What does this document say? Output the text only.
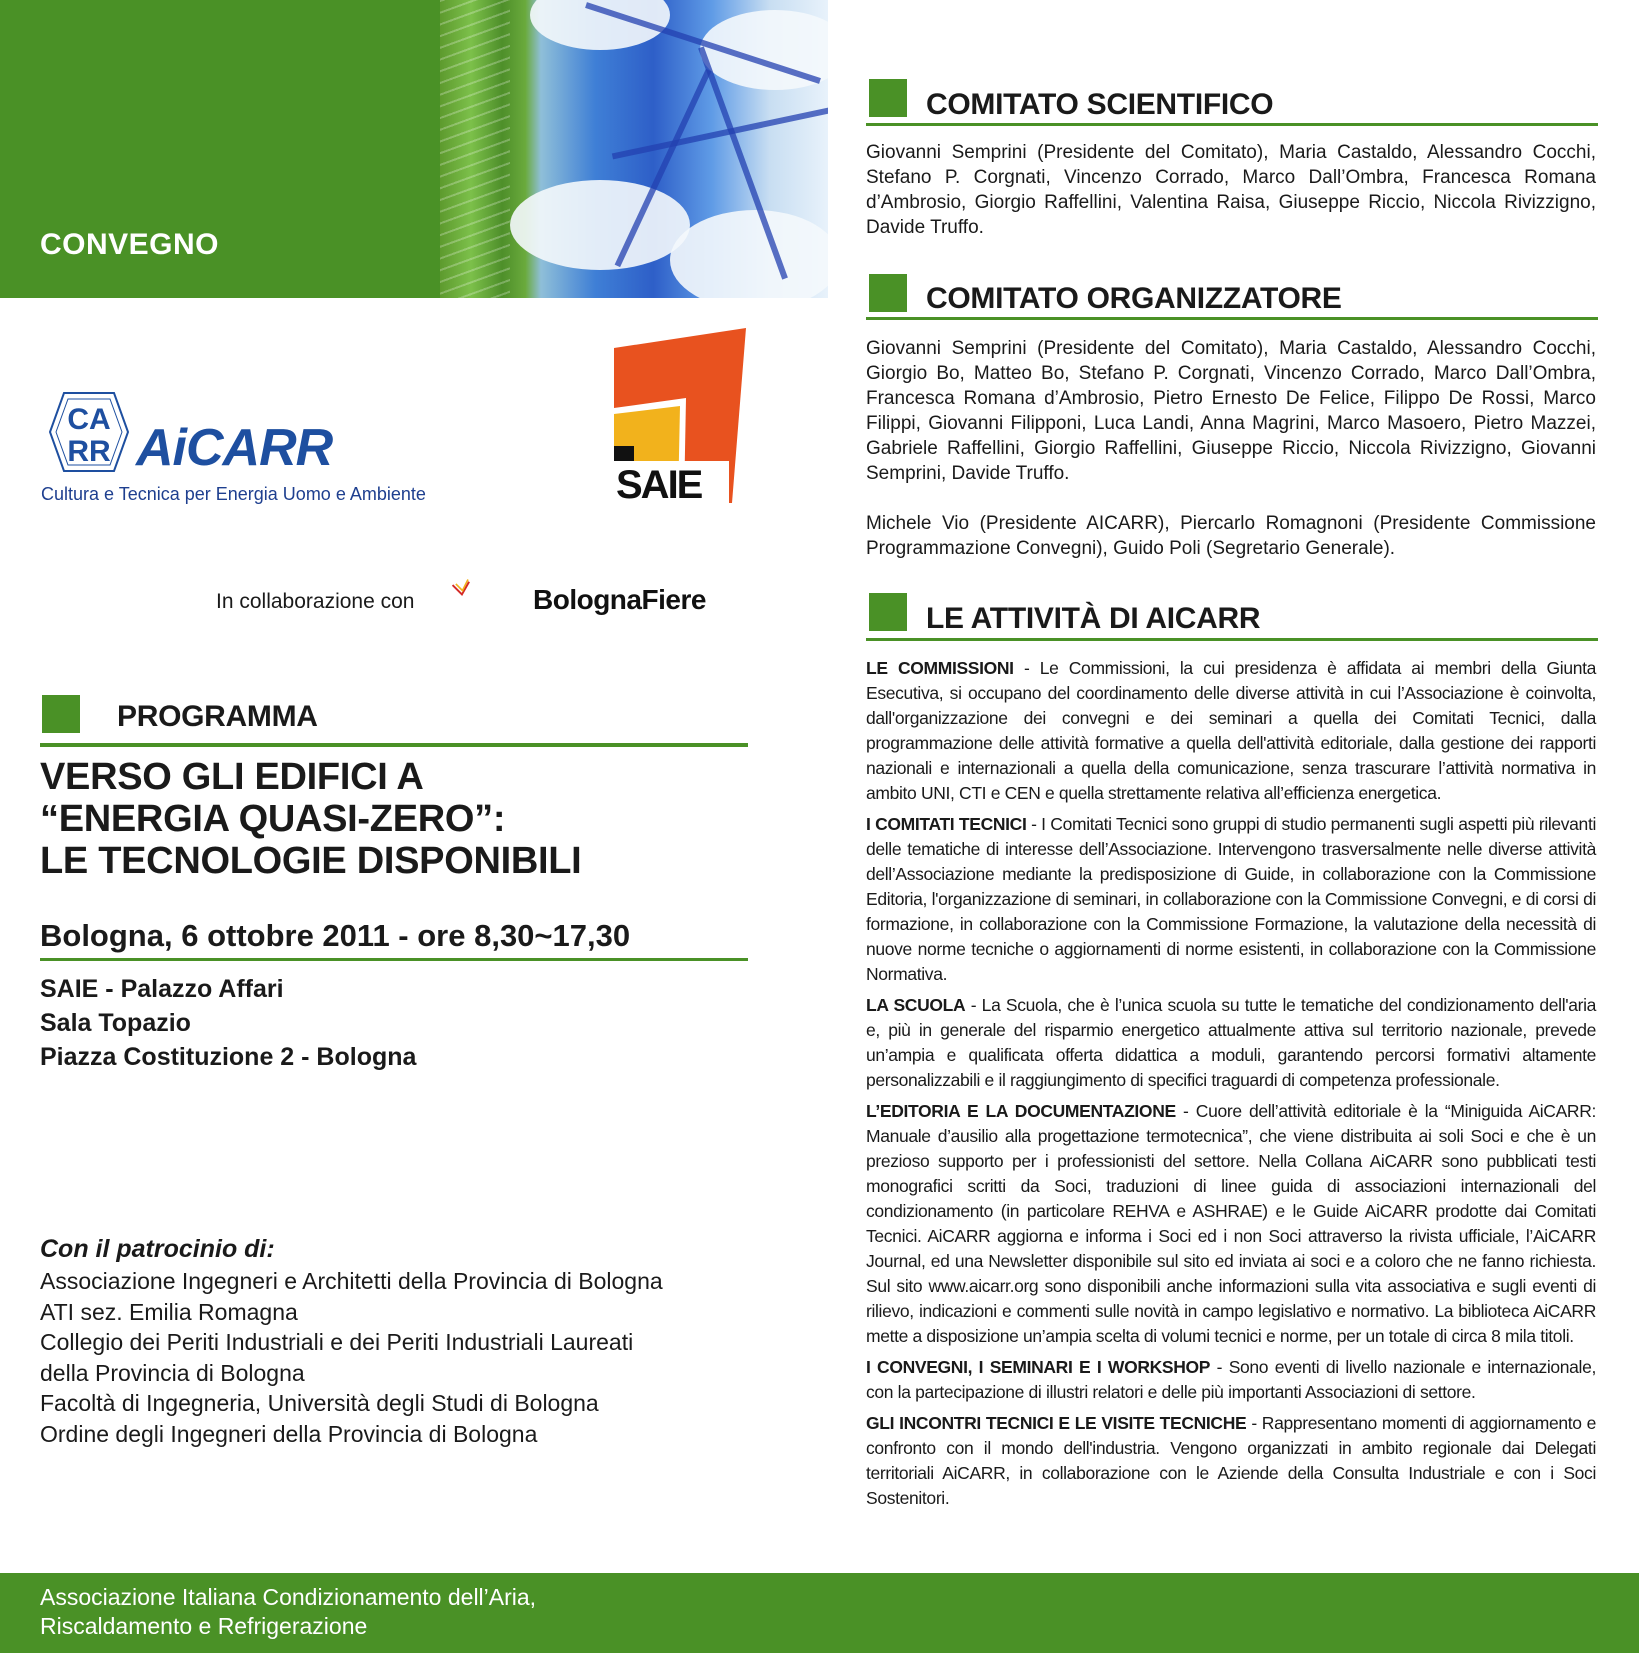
CONVEGNO
CA
RR AiCARR
Cultura e Tecnica per Energia Uomo e Ambiente	SAIE
In collaborazione con	BolognaFiere
PROGRAMMA
VERSO GLI EDIFICI A
“ENERGIA QUASI-ZERO”:
LE TECNOLOGIE DISPONIBILI
Bologna, 6 ottobre 2011 - ore 8,30~17,30
SAIE - Palazzo Affari
Sala Topazio
Piazza Costituzione 2 - Bologna
Con il patrocinio di:
Associazione Ingegneri e Architetti della Provincia di Bologna
ATI sez. Emilia Romagna
Collegio dei Periti Industriali e dei Periti Industriali Laureati
della Provincia di Bologna
Facoltà di Ingegneria, Università degli Studi di Bologna
Ordine degli Ingegneri della Provincia di Bologna
COMITATO SCIENTIFICO
Giovanni Semprini (Presidente del Comitato), Maria Castaldo, Alessandro Cocchi, Stefano P. Corgnati, Vincenzo Corrado, Marco Dall’Ombra, Francesca Romana d’Ambrosio, Giorgio Raffellini, Valentina Raisa, Giuseppe Riccio, Niccola Rivizzigno, Davide Truffo.
COMITATO ORGANIZZATORE
Giovanni Semprini (Presidente del Comitato), Maria Castaldo, Alessandro Cocchi, Giorgio Bo, Matteo Bo, Stefano P. Corgnati, Vincenzo Corrado, Marco Dall’Ombra, Francesca Romana d’Ambrosio, Pietro Ernesto De Felice, Filippo De Rossi, Marco Filippi, Giovanni Filipponi, Luca Landi, Anna Magrini, Marco Masoero, Pietro Mazzei, Gabriele Raffellini, Giorgio Raffellini, Giuseppe Riccio, Niccola Rivizzigno, Giovanni Semprini, Davide Truffo.
Michele Vio (Presidente AICARR), Piercarlo Romagnoni (Presidente Commissione Programmazione Convegni), Guido Poli (Segretario Generale).
LE ATTIVITÀ DI AICARR

LE COMMISSIONI - Le Commissioni, la cui presidenza è affidata ai membri della Giunta Esecutiva, si occupano del coordinamento delle diverse attività in cui l’Associazione è coinvolta, dall'organizzazione dei convegni e dei seminari a quella dei Comitati Tecnici, dalla programmazione delle attività formative a quella dell'attività editoriale, dalla gestione dei rapporti nazionali e internazionali a quella della comunicazione, senza trascurare l’attività normativa in ambito UNI, CTI e CEN e quella strettamente relativa all’efficienza energetica.

I COMITATI TECNICI - I Comitati Tecnici sono gruppi di studio permanenti sugli aspetti più rilevanti delle tematiche di interesse dell’Associazione. Intervengono trasversalmente nelle diverse attività dell’Associazione mediante la predisposizione di Guide, in collaborazione con la Commissione Editoria, l'organizzazione di seminari, in collaborazione con la Commissione Convegni, e di corsi di formazione, in collaborazione con la Commissione Formazione, la valutazione della necessità di nuove norme tecniche o aggiornamenti di norme esistenti, in collaborazione con la Commissione Normativa.

LA SCUOLA - La Scuola, che è l’unica scuola su tutte le tematiche del condizionamento dell'aria e, più in generale del risparmio energetico attualmente attiva sul territorio nazionale, prevede un’ampia e qualificata offerta didattica a moduli, garantendo percorsi formativi altamente personalizzabili e il raggiungimento di specifici traguardi di competenza professionale.

L’EDITORIA E LA DOCUMENTAZIONE - Cuore dell’attività editoriale è la “Miniguida AiCARR: Manuale d’ausilio alla progettazione termotecnica”, che viene distribuita ai soli Soci e che è un prezioso supporto per i professionisti del settore. Nella Collana AiCARR sono pubblicati testi monografici scritti da Soci, traduzioni di linee guida di associazioni internazionali del condizionamento (in particolare REHVA e ASHRAE) e le Guide AiCARR prodotte dai Comitati Tecnici. AiCARR aggiorna e informa i Soci ed i non Soci attraverso la rivista ufficiale, l’AiCARR Journal, ed una Newsletter disponibile sul sito ed inviata ai soci e a coloro che ne fanno richiesta. Sul sito www.aicarr.org sono disponibili anche informazioni sulla vita associativa e sugli eventi di rilievo, indicazioni e commenti sulle novità in campo legislativo e normativo. La biblioteca AiCARR mette a disposizione un’ampia scelta di volumi tecnici e norme, per un totale di circa 8 mila titoli.

I CONVEGNI, I SEMINARI E I WORKSHOP - Sono eventi di livello nazionale e internazionale, con la partecipazione di illustri relatori e delle più importanti Associazioni di settore.

GLI INCONTRI TECNICI E LE VISITE TECNICHE - Rappresentano momenti di aggiornamento e confronto con il mondo dell'industria. Vengono organizzati in ambito regionale dai Delegati territoriali AiCARR, in collaborazione con le Aziende della Consulta Industriale e con i Soci Sostenitori.

Associazione Italiana Condizionamento dell’Aria,
Riscaldamento e Refrigerazione
